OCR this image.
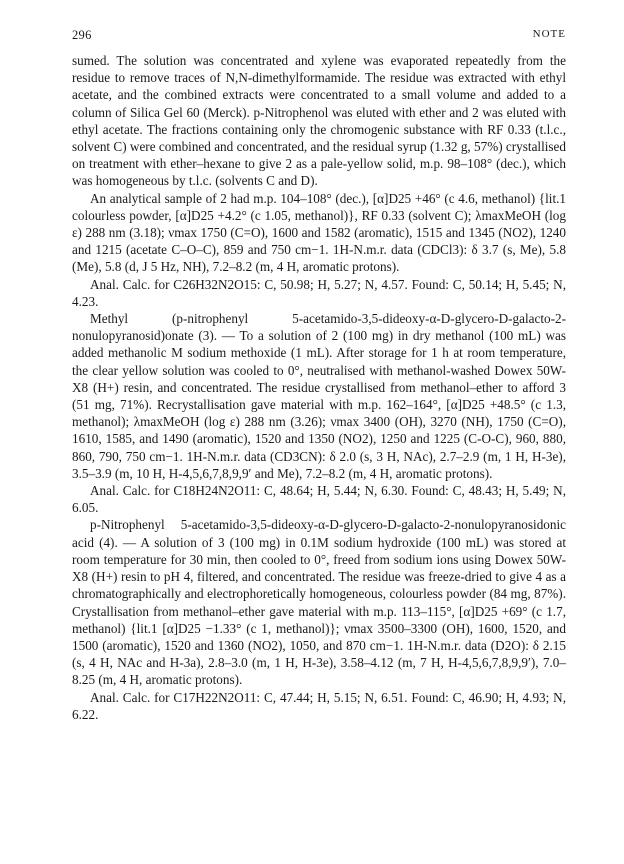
296	NOTE

sumed. The solution was concentrated and xylene was evaporated repeatedly from the residue to remove traces of N,N-dimethylformamide. The residue was extracted with ethyl acetate, and the combined extracts were concentrated to a small volume and added to a column of Silica Gel 60 (Merck). p-Nitrophenol was eluted with ether and 2 was eluted with ethyl acetate. The fractions containing only the chromogenic substance with RF 0.33 (t.l.c., solvent C) were combined and concentrated, and the residual syrup (1.32 g, 57%) crystallised on treatment with ether–hexane to give 2 as a pale-yellow solid, m.p. 98–108° (dec.), which was homogeneous by t.l.c. (solvents C and D).

An analytical sample of 2 had m.p. 104–108° (dec.), [α]D25 +46° (c 4.6, methanol) {lit.1 colourless powder, [α]D25 +4.2° (c 1.05, methanol)}, RF 0.33 (solvent C); λmaxMeOH (log ε) 288 nm (3.18); νmax 1750 (C=O), 1600 and 1582 (aromatic), 1515 and 1345 (NO2), 1240 and 1215 (acetate C–O–C), 859 and 750 cm−1. 1H-N.m.r. data (CDCl3): δ 3.7 (s, Me), 5.8 (Me), 5.8 (d, J 5 Hz, NH), 7.2–8.2 (m, 4 H, aromatic protons).

Anal. Calc. for C26H32N2O15: C, 50.98; H, 5.27; N, 4.57. Found: C, 50.14; H, 5.45; N, 4.23.

Methyl (p-nitrophenyl 5-acetamido-3,5-dideoxy-α-D-glycero-D-galacto-2-nonulopyranosid)onate (3). — To a solution of 2 (100 mg) in dry methanol (100 mL) was added methanolic M sodium methoxide (1 mL). After storage for 1 h at room temperature, the clear yellow solution was cooled to 0°, neutralised with methanol-washed Dowex 50W-X8 (H+) resin, and concentrated. The residue crystallised from methanol–ether to afford 3 (51 mg, 71%). Recrystallisation gave material with m.p. 162–164°, [α]D25 +48.5° (c 1.3, methanol); λmaxMeOH (log ε) 288 nm (3.26); νmax 3400 (OH), 3270 (NH), 1750 (C=O), 1610, 1585, and 1490 (aromatic), 1520 and 1350 (NO2), 1250 and 1225 (C-O-C), 960, 880, 860, 790, 750 cm−1. 1H-N.m.r. data (CD3CN): δ 2.0 (s, 3 H, NAc), 2.7–2.9 (m, 1 H, H-3e), 3.5–3.9 (m, 10 H, H-4,5,6,7,8,9,9′ and Me), 7.2–8.2 (m, 4 H, aromatic protons).

Anal. Calc. for C18H24N2O11: C, 48.64; H, 5.44; N, 6.30. Found: C, 48.43; H, 5.49; N, 6.05.

p-Nitrophenyl 5-acetamido-3,5-dideoxy-α-D-glycero-D-galacto-2-nonulopyranosidonic acid (4). — A solution of 3 (100 mg) in 0.1M sodium hydroxide (100 mL) was stored at room temperature for 30 min, then cooled to 0°, freed from sodium ions using Dowex 50W-X8 (H+) resin to pH 4, filtered, and concentrated. The residue was freeze-dried to give 4 as a chromatographically and electrophoretically homogeneous, colourless powder (84 mg, 87%). Crystallisation from methanol–ether gave material with m.p. 113–115°, [α]D25 +69° (c 1.7, methanol) {lit.1 [α]D25 −1.33° (c 1, methanol)}; νmax 3500–3300 (OH), 1600, 1520, and 1500 (aromatic), 1520 and 1360 (NO2), 1050, and 870 cm−1. 1H-N.m.r. data (D2O): δ 2.15 (s, 4 H, NAc and H-3a), 2.8–3.0 (m, 1 H, H-3e), 3.58–4.12 (m, 7 H, H-4,5,6,7,8,9,9′), 7.0–8.25 (m, 4 H, aromatic protons).

Anal. Calc. for C17H22N2O11: C, 47.44; H, 5.15; N, 6.51. Found: C, 46.90; H, 4.93; N, 6.22.
